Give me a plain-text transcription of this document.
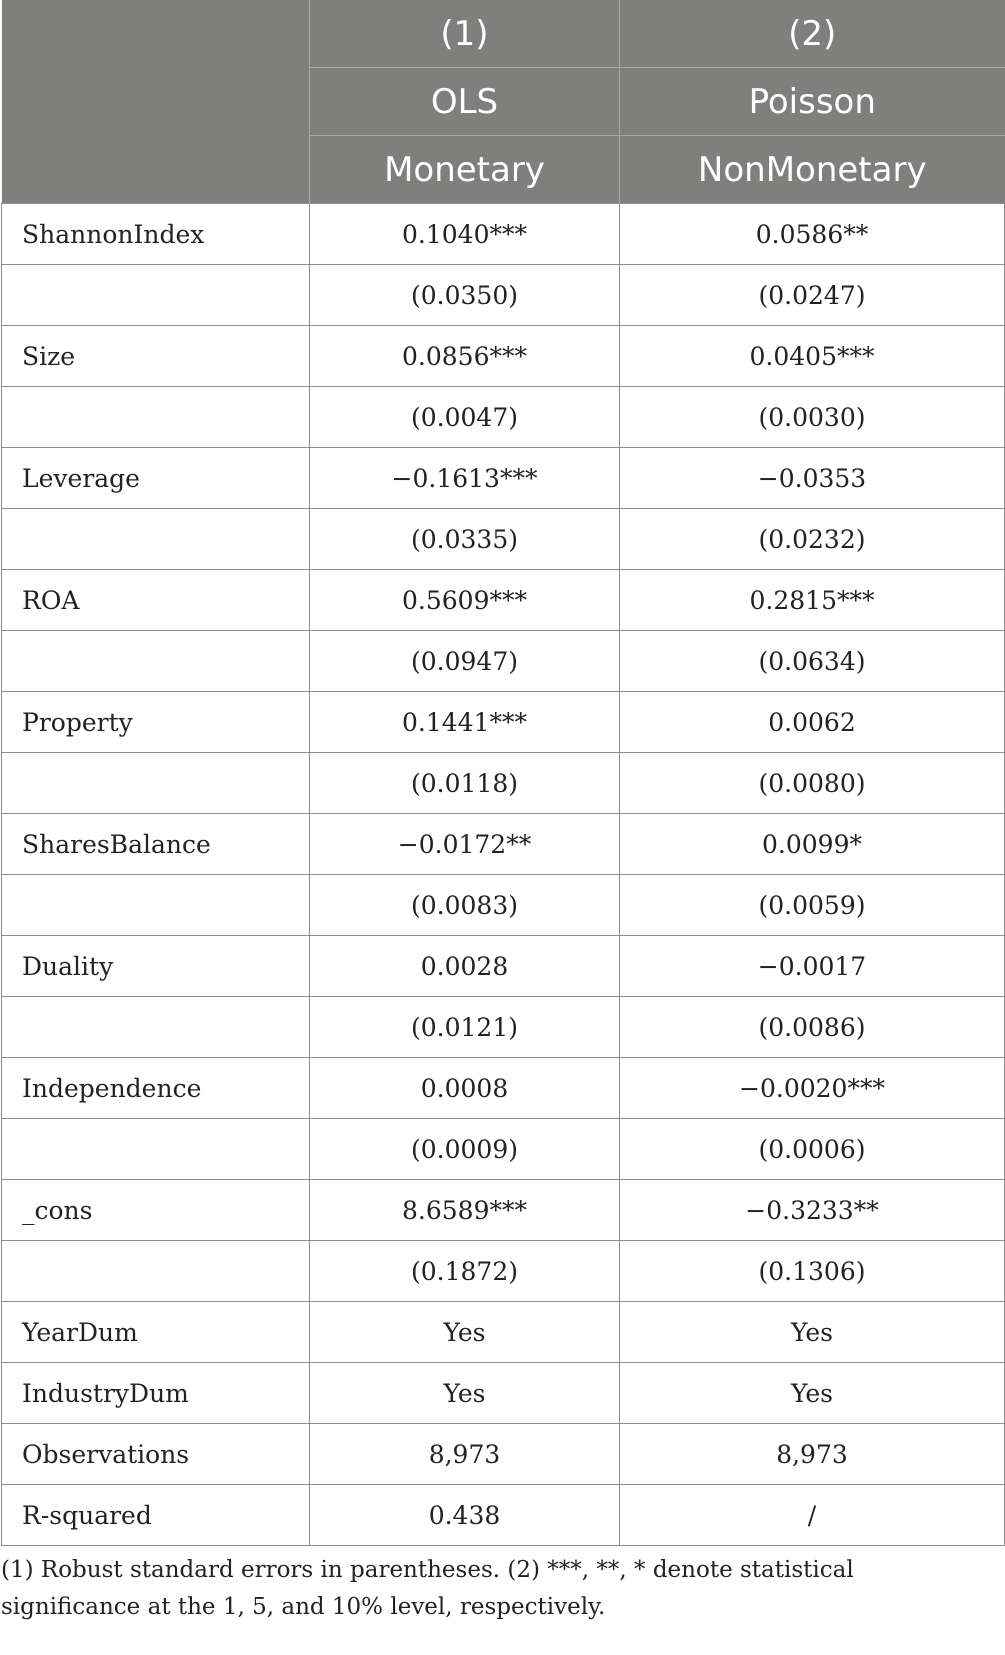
	(1)	(2)
	OLS	Poisson
	Monetary	NonMonetary
ShannonIndex	0.1040***	0.0586**
	(0.0350)	(0.0247)
Size	0.0856***	0.0405***
	(0.0047)	(0.0030)
Leverage	−0.1613***	−0.0353
	(0.0335)	(0.0232)
ROA	0.5609***	0.2815***
	(0.0947)	(0.0634)
Property	0.1441***	0.0062
	(0.0118)	(0.0080)
SharesBalance	−0.0172**	0.0099*
	(0.0083)	(0.0059)
Duality	0.0028	−0.0017
	(0.0121)	(0.0086)
Independence	0.0008	−0.0020***
	(0.0009)	(0.0006)
_cons	8.6589***	−0.3233**
	(0.1872)	(0.1306)
YearDum	Yes	Yes
IndustryDum	Yes	Yes
Observations	8,973	8,973
R-squared	0.438	/
(1) Robust standard errors in parentheses. (2) ***, **, * denote statistical significance at the 1, 5, and 10% level, respectively.
